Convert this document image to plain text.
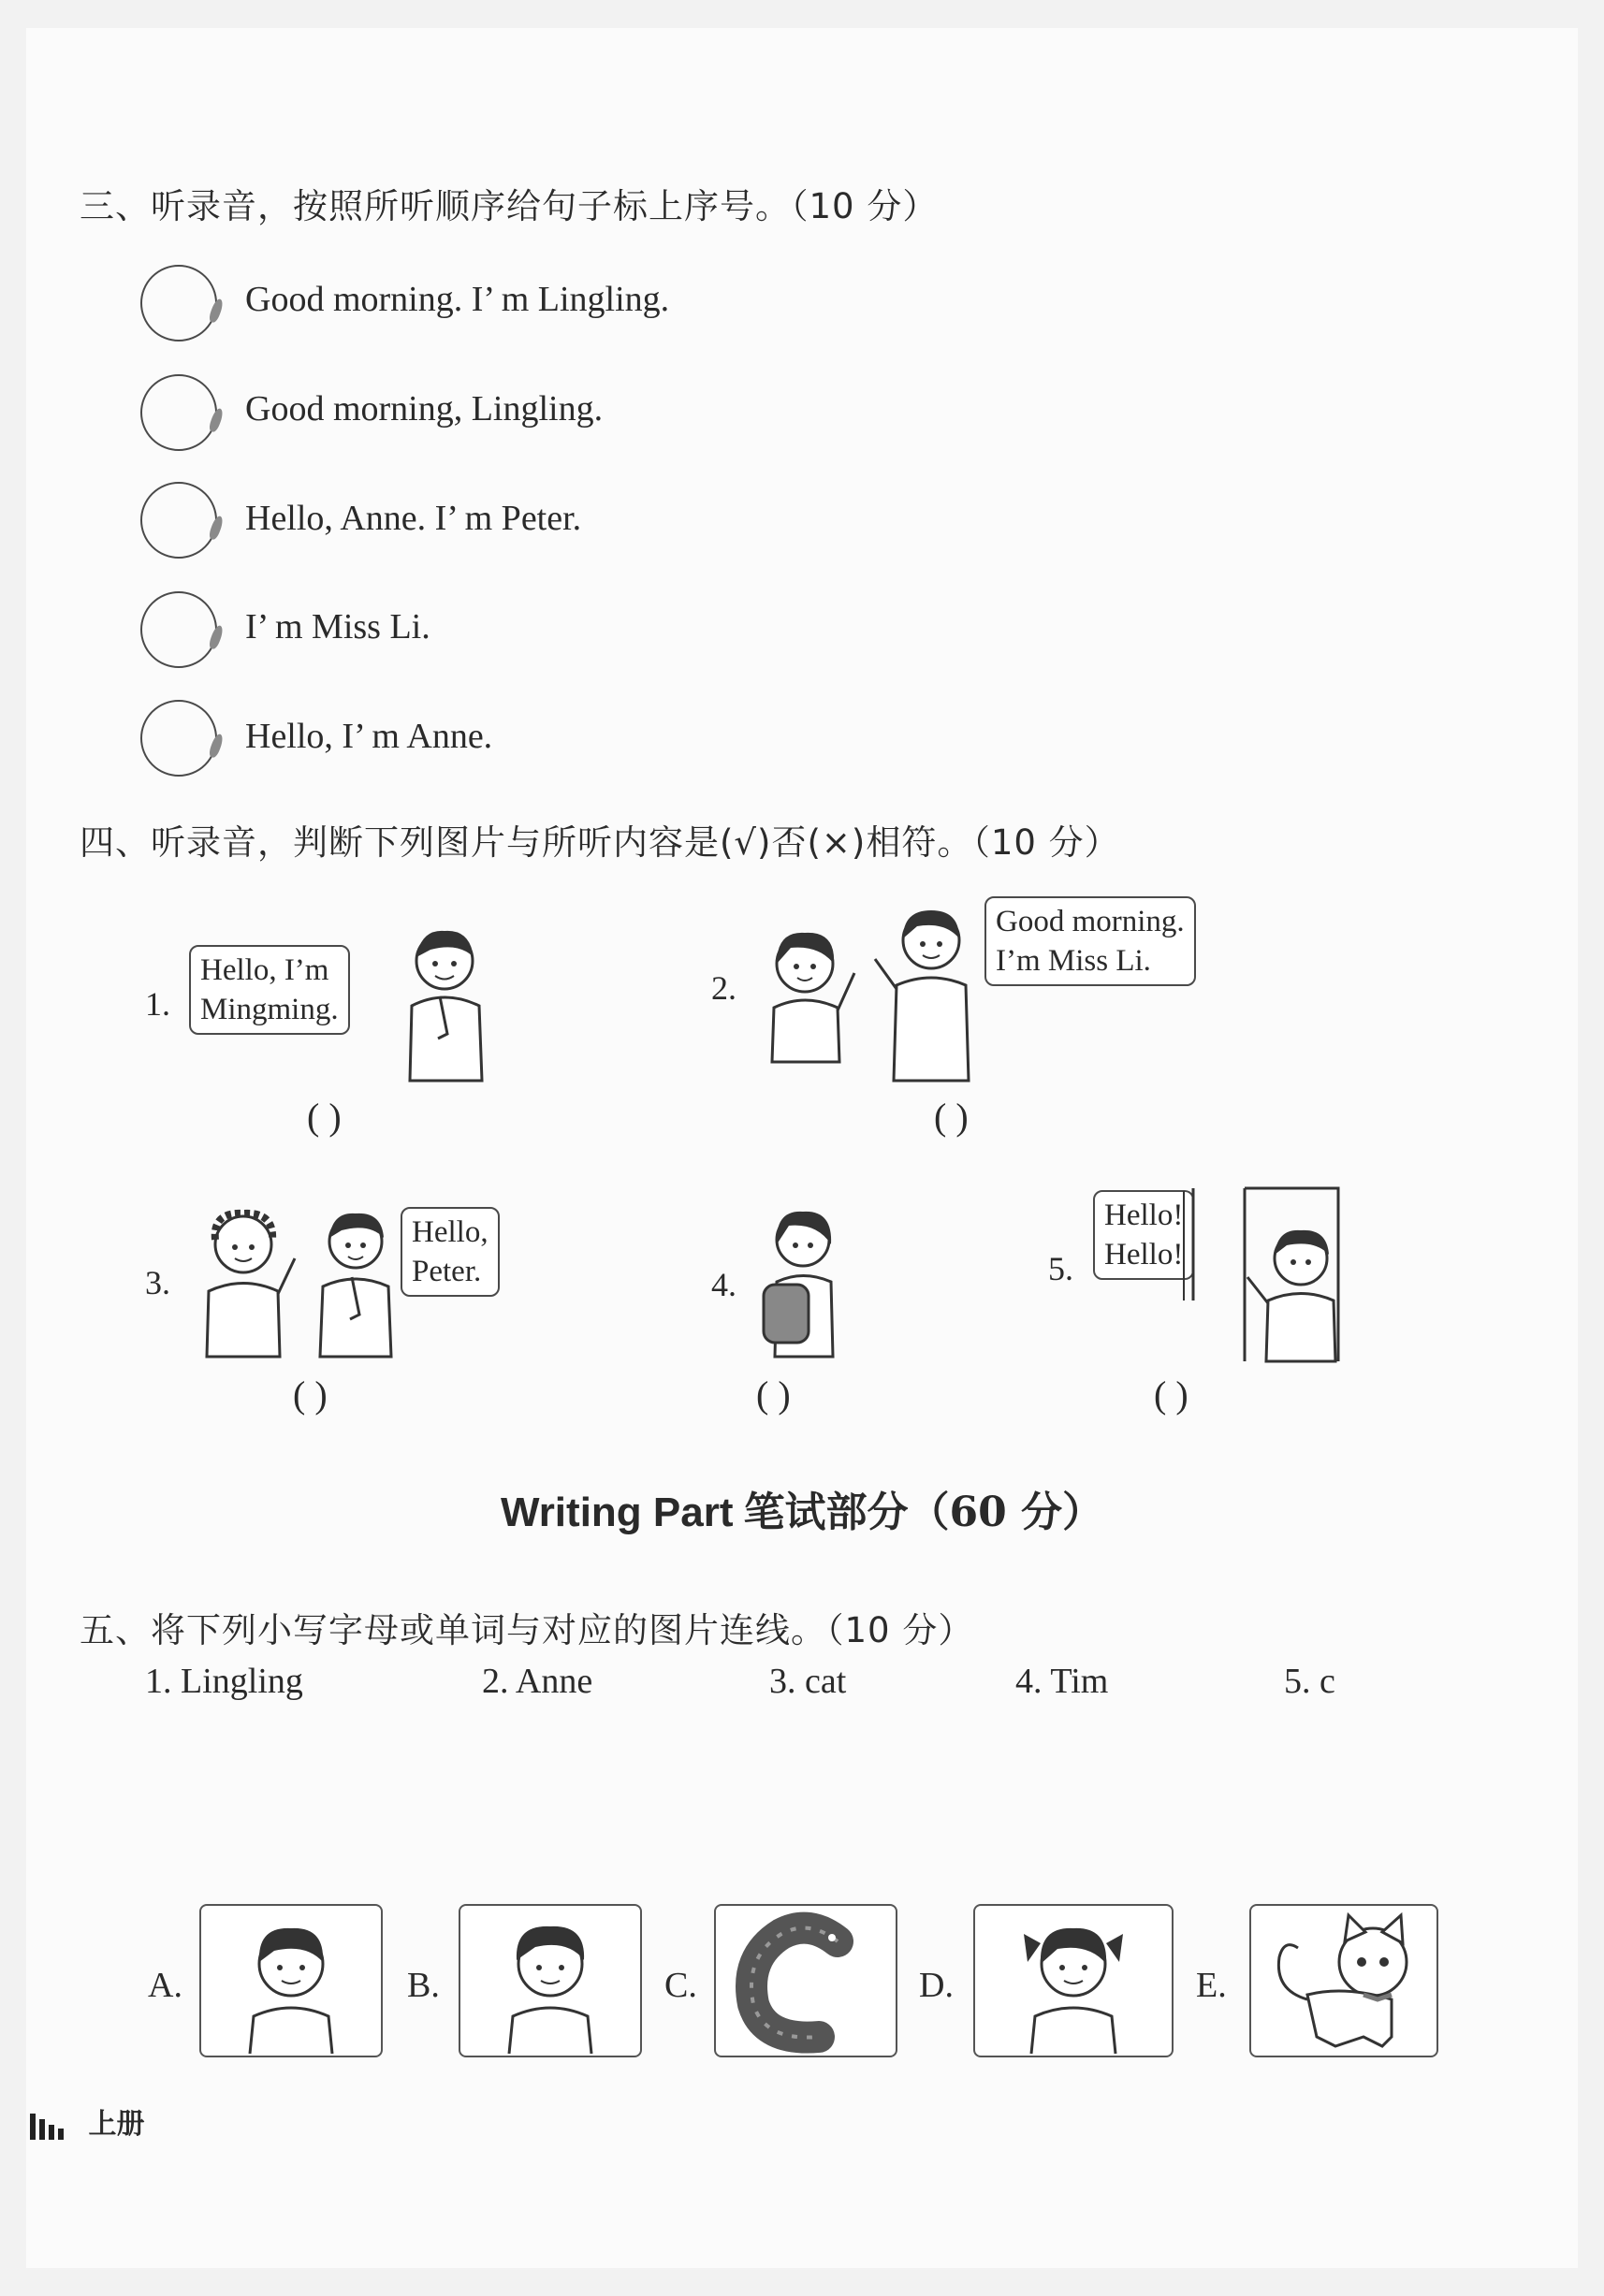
三、听录音，按照所听顺序给句子标上序号。（10 分）
Good morning. I’ m Lingling.
Good morning, Lingling.
Hello, Anne. I’ m Peter.
I’ m Miss Li.
Hello, I’ m Anne.
四、听录音，判断下列图片与所听内容是(√)否(×)相符。（10 分）
1.
Hello, I’m
Mingming.
( )
2.
Good morning.
I’m Miss Li.
( )
3.
Hello,
Peter.
( )
4.
( )
5.
Hello!
Hello!
( )
Writing Part 笔试部分（60 分）
五、将下列小写字母或单词与对应的图片连线。（10 分）
1. Lingling	2. Anne	3. cat	4. Tim	5. c
A.	B.	C.	D.	E.
上册
